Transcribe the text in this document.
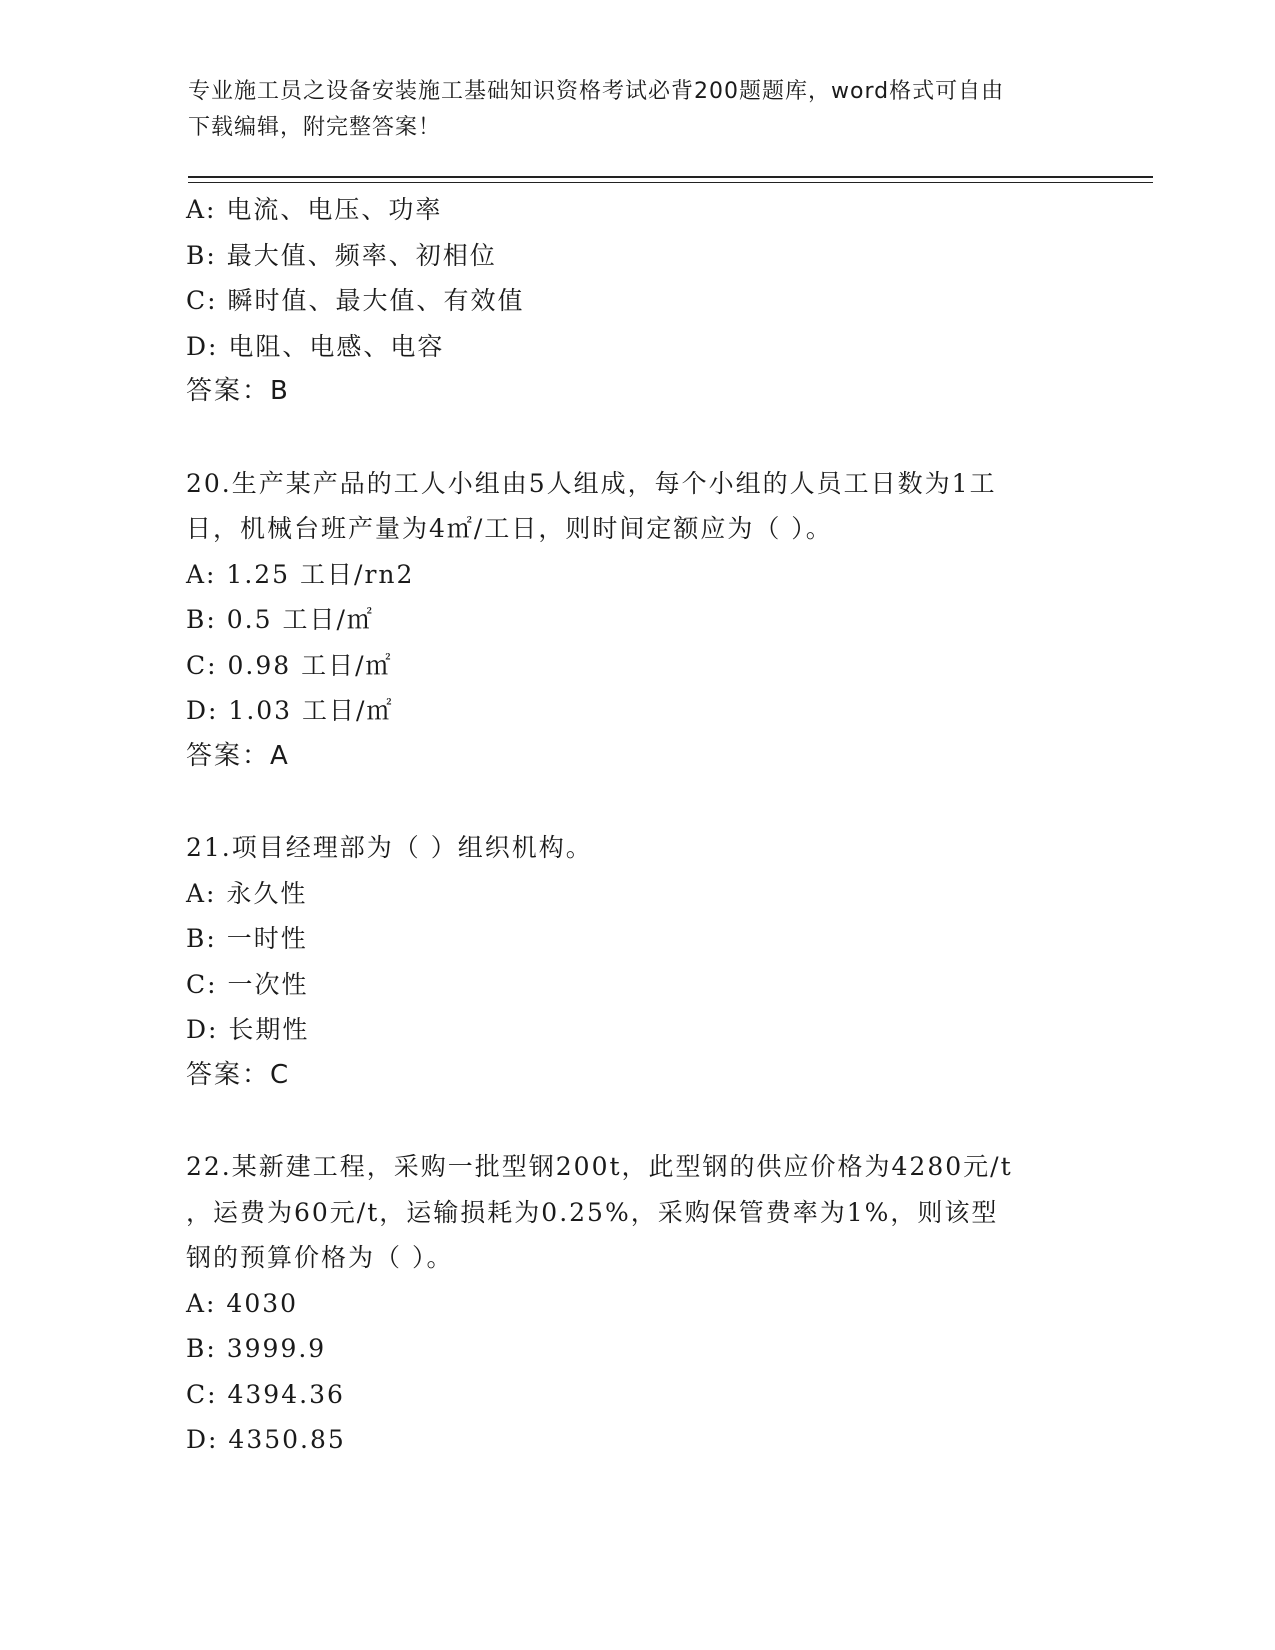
专业施工员之设备安装施工基础知识资格考试必背200题题库，word格式可自由
下载编辑，附完整答案！
A: 电流、电压、功率
B: 最大值、频率、初相位
C: 瞬时值、最大值、有效值
D: 电阻、电感、电容
答案：B
20.生产某产品的工人小组由5人组成，每个小组的人员工日数为1工
日，机械台班产量为4㎡/工日，则时间定额应为（ ）。
A: 1.25 工日/rn2
B: 0.5 工日/㎡
C: 0.98 工日/㎡
D: 1.03 工日/㎡
答案：A
21.项目经理部为（ ）组织机构。
A: 永久性
B: 一时性
C: 一次性
D: 长期性
答案：C
22.某新建工程，采购一批型钢200t，此型钢的供应价格为4280元/t
，运费为60元/t，运输损耗为0.25%，采购保管费率为1%，则该型
钢的预算价格为（ ）。
A: 4030
B: 3999.9
C: 4394.36
D: 4350.85
